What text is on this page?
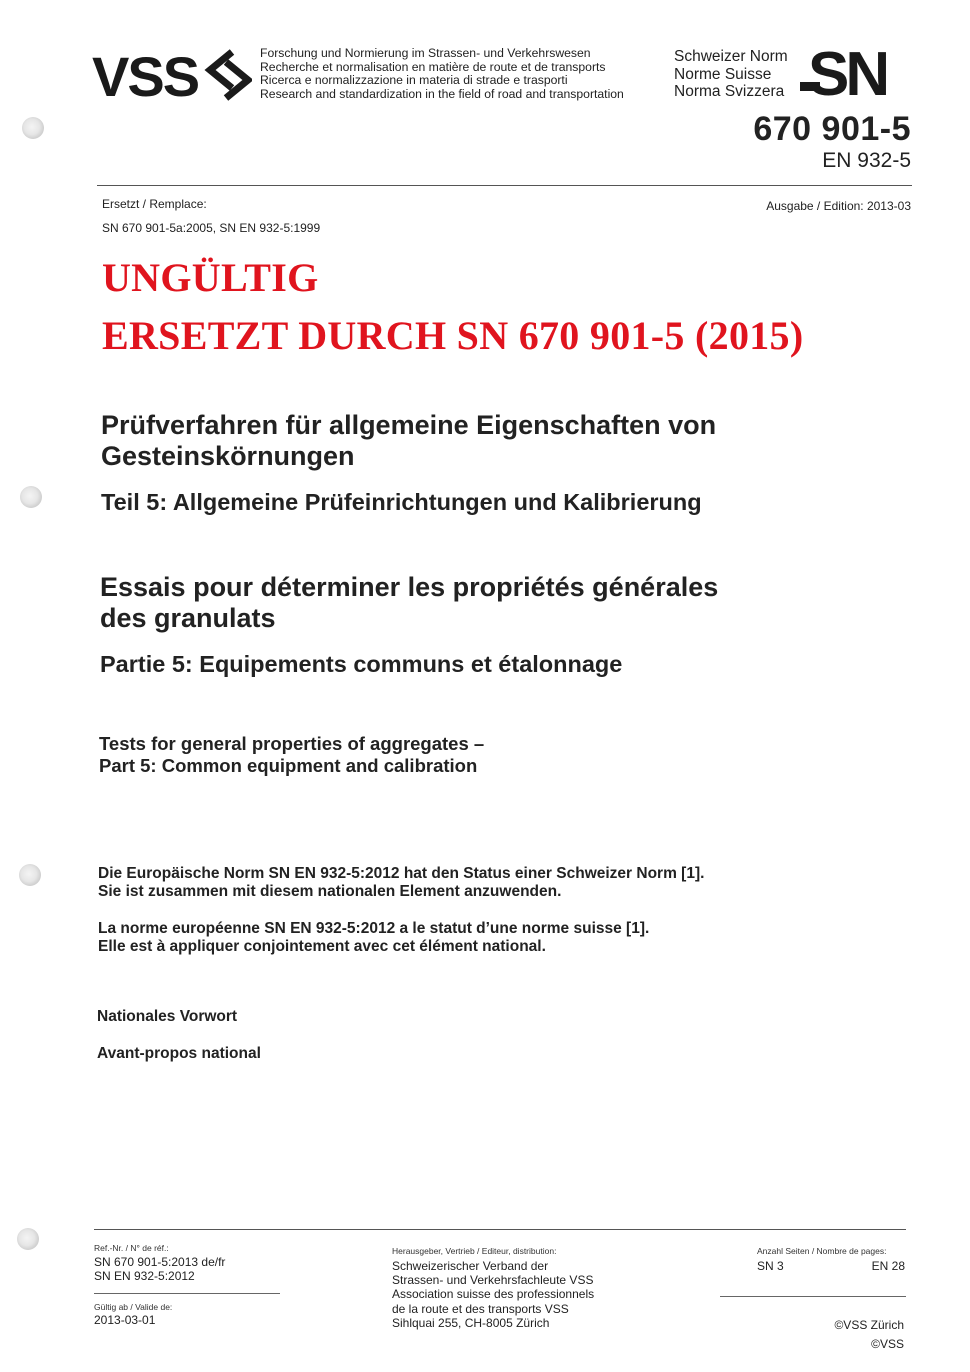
VSS	Forschung und Normierung im Strassen- und Verkehrswesen
Recherche et normalisation en matière de route et de transports
Ricerca e normalizzazione in materia di strade e trasporti
Research and standardization in the field of road and transportation
Schweizer Norm
Norme Suisse
Norma Svizzera SN
670 901-5
EN 932-5
Ersetzt / Remplace:
SN 670 901-5a:2005, SN EN 932-5:1999
Ausgabe / Edition: 2013-03
UNGÜLTIG
ERSETZT DURCH SN 670 901-5 (2015)
Prüfverfahren für allgemeine Eigenschaften von
Gesteinskörnungen
Teil 5: Allgemeine Prüfeinrichtungen und Kalibrierung
Essais pour déterminer les propriétés générales
des granulats
Partie 5: Equipements communs et étalonnage
Tests for general properties of aggregates –
Part 5: Common equipment and calibration
Die Europäische Norm SN EN 932-5:2012 hat den Status einer Schweizer Norm [1].
Sie ist zusammen mit diesem nationalen Element anzuwenden.
La norme européenne SN EN 932-5:2012 a le statut d’une norme suisse [1].
Elle est à appliquer conjointement avec cet élément national.
Nationales Vorwort
Avant-propos national
Ref.-Nr. / N° de réf.:
SN 670 901-5:2013 de/fr
SN EN 932-5:2012
Gültig ab / Valide de:
2013-03-01
Herausgeber, Vertrieb / Editeur, distribution:
Schweizerischer Verband der
Strassen- und Verkehrsfachleute VSS
Association suisse des professionnels
de la route et des transports VSS
Sihlquai 255, CH-8005 Zürich
Anzahl Seiten / Nombre de pages:
SN 3	EN 28
©VSS Zürich
©VSS
